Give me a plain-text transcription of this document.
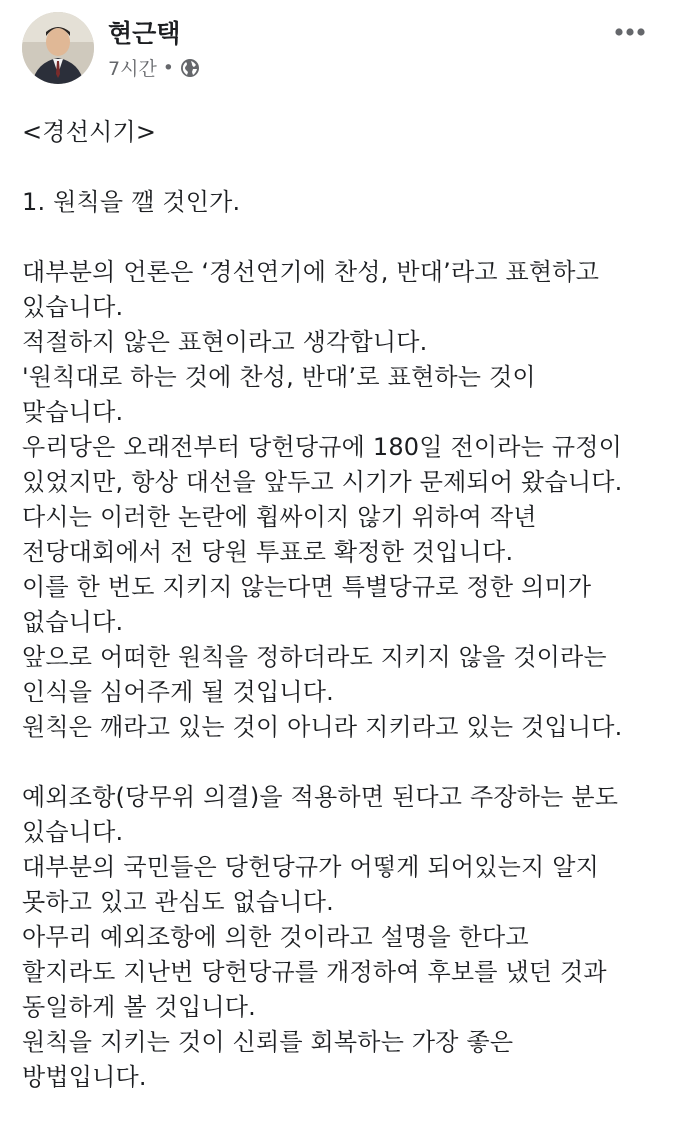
현근택
7시간 •
<경선시기>
1. 원칙을 깰 것인가.
대부분의 언론은 ‘경선연기에 찬성, 반대’라고 표현하고
있습니다.
적절하지 않은 표현이라고 생각합니다.
'원칙대로 하는 것에 찬성, 반대’로 표현하는 것이
맞습니다.
우리당은 오래전부터 당헌당규에 180일 전이라는 규정이
있었지만, 항상 대선을 앞두고 시기가 문제되어 왔습니다.
다시는 이러한 논란에 휩싸이지 않기 위하여 작년
전당대회에서 전 당원 투표로 확정한 것입니다.
이를 한 번도 지키지 않는다면 특별당규로 정한 의미가
없습니다.
앞으로 어떠한 원칙을 정하더라도 지키지 않을 것이라는
인식을 심어주게 될 것입니다.
원칙은 깨라고 있는 것이 아니라 지키라고 있는 것입니다.
예외조항(당무위 의결)을 적용하면 된다고 주장하는 분도
있습니다.
대부분의 국민들은 당헌당규가 어떻게 되어있는지 알지
못하고 있고 관심도 없습니다.
아무리 예외조항에 의한 것이라고 설명을 한다고
할지라도 지난번 당헌당규를 개정하여 후보를 냈던 것과
동일하게 볼 것입니다.
원칙을 지키는 것이 신뢰를 회복하는 가장 좋은
방법입니다.
